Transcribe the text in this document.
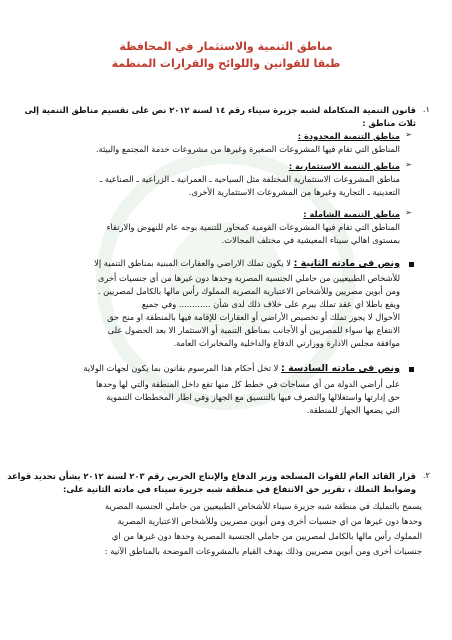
مناطق التنمية والاستثمار في المحافظة
طبقا للقوانين واللوائح والقرارات المنظمة
١.
قانون التنمية المتكاملة لشبه جزيرة سيناء رقم ١٤ لسنة ٢٠١٢ نص على تقسيم مناطق التنمية إلى
ثلاث مناطق :
➢
مناطق التنمية المحدودة :
المناطق التي تقام فيها المشروعات الصغيرة وغيرها من مشروعات خدمة المجتمع والبيئة.
➢
مناطق التنمية الاستثمارية :
مناطق المشروعات الاستثمارية المختلفة مثل السياحية ـ العمرانية ـ الزراعية ـ الصناعية ـ
التعدينية ـ التجارية وغيرها من المشروعات الاستثمارية الأخرى.
➢
مناطق التنمية الشاملة :
المناطق التي تقام فيها المشروعات القومية كمحاور للتنمية بوجه عام للنهوض والارتقاء
بمستوى اهالي سيناء المعيشية في مختلف المجالات.
ونص في مادته الثانية : لا يكون تملك الاراضي والعقارات المبنية بمناطق التنمية إلا
للأشخاص الطبيعيين من حاملي الجنسية المصرية وحدها دون غيرها من أي جنسيات أخرى
ومن أبوين مصريين وللأشخاص الاعتبارية المصرية المملوك رأس مالها بالكامل لمصريين .
ويقع باطلا اي عقد تملك يبرم على خلاف ذلك لدى شأن ............ وفي جميع
الأحوال لا يجوز تملك أو تخصيص الأراضي أو العقارات للإقامة فيها بالمنطقة او منح حق
الانتفاع بها سواء للمصريين أو الأجانب بمناطق التنمية أو الاستثمار الا بعد الحصول على
موافقة مجلس الادارة ووزارتي الدفاع والداخلية والمخابرات العامة.
ونص في مادته السادسة : لا تخل أحكام هذا المرسوم بقانون بما يكون لجهات الولاية
على أراضي الدولة من أي مساحات في خطط كل منها تقع داخل المنطقة والتي لها وحدها
حق إدارتها واستغلالها والتصرف فيها بالتنسيق مع الجهاز وفي اطار المخططات التنموية
التي يضعها الجهاز للمنطقة.
٢.
قرار القائد العام للقوات المسلحة وزير الدفاع والإنتاج الحربي رقم ٢٠٣ لسنة ٢٠١٢ بشأن تحديد قواعد
وضوابط التملك ، تقرير حق الانتفاع في منطقة شبه جزيرة سيناء في مادته الثانية على:
يسمح بالتمليك في منطقة شبه جزيرة سيناء للأشخاص الطبيعيين من حاملي الجنسية المصرية
وحدها دون غيرها من اي جنسيات أخرى ومن أبوين مصريين وللأشخاص الاعتبارية المصرية
المملوك رأس مالها بالكامل لمصريين من حاملي الجنسية المصرية وحدها دون غيرها من اي
جنسيات أخرى ومن أبوين مصريين وذلك بهدف القيام بالمشروعات الموضحة بالمناطق الآتية :
